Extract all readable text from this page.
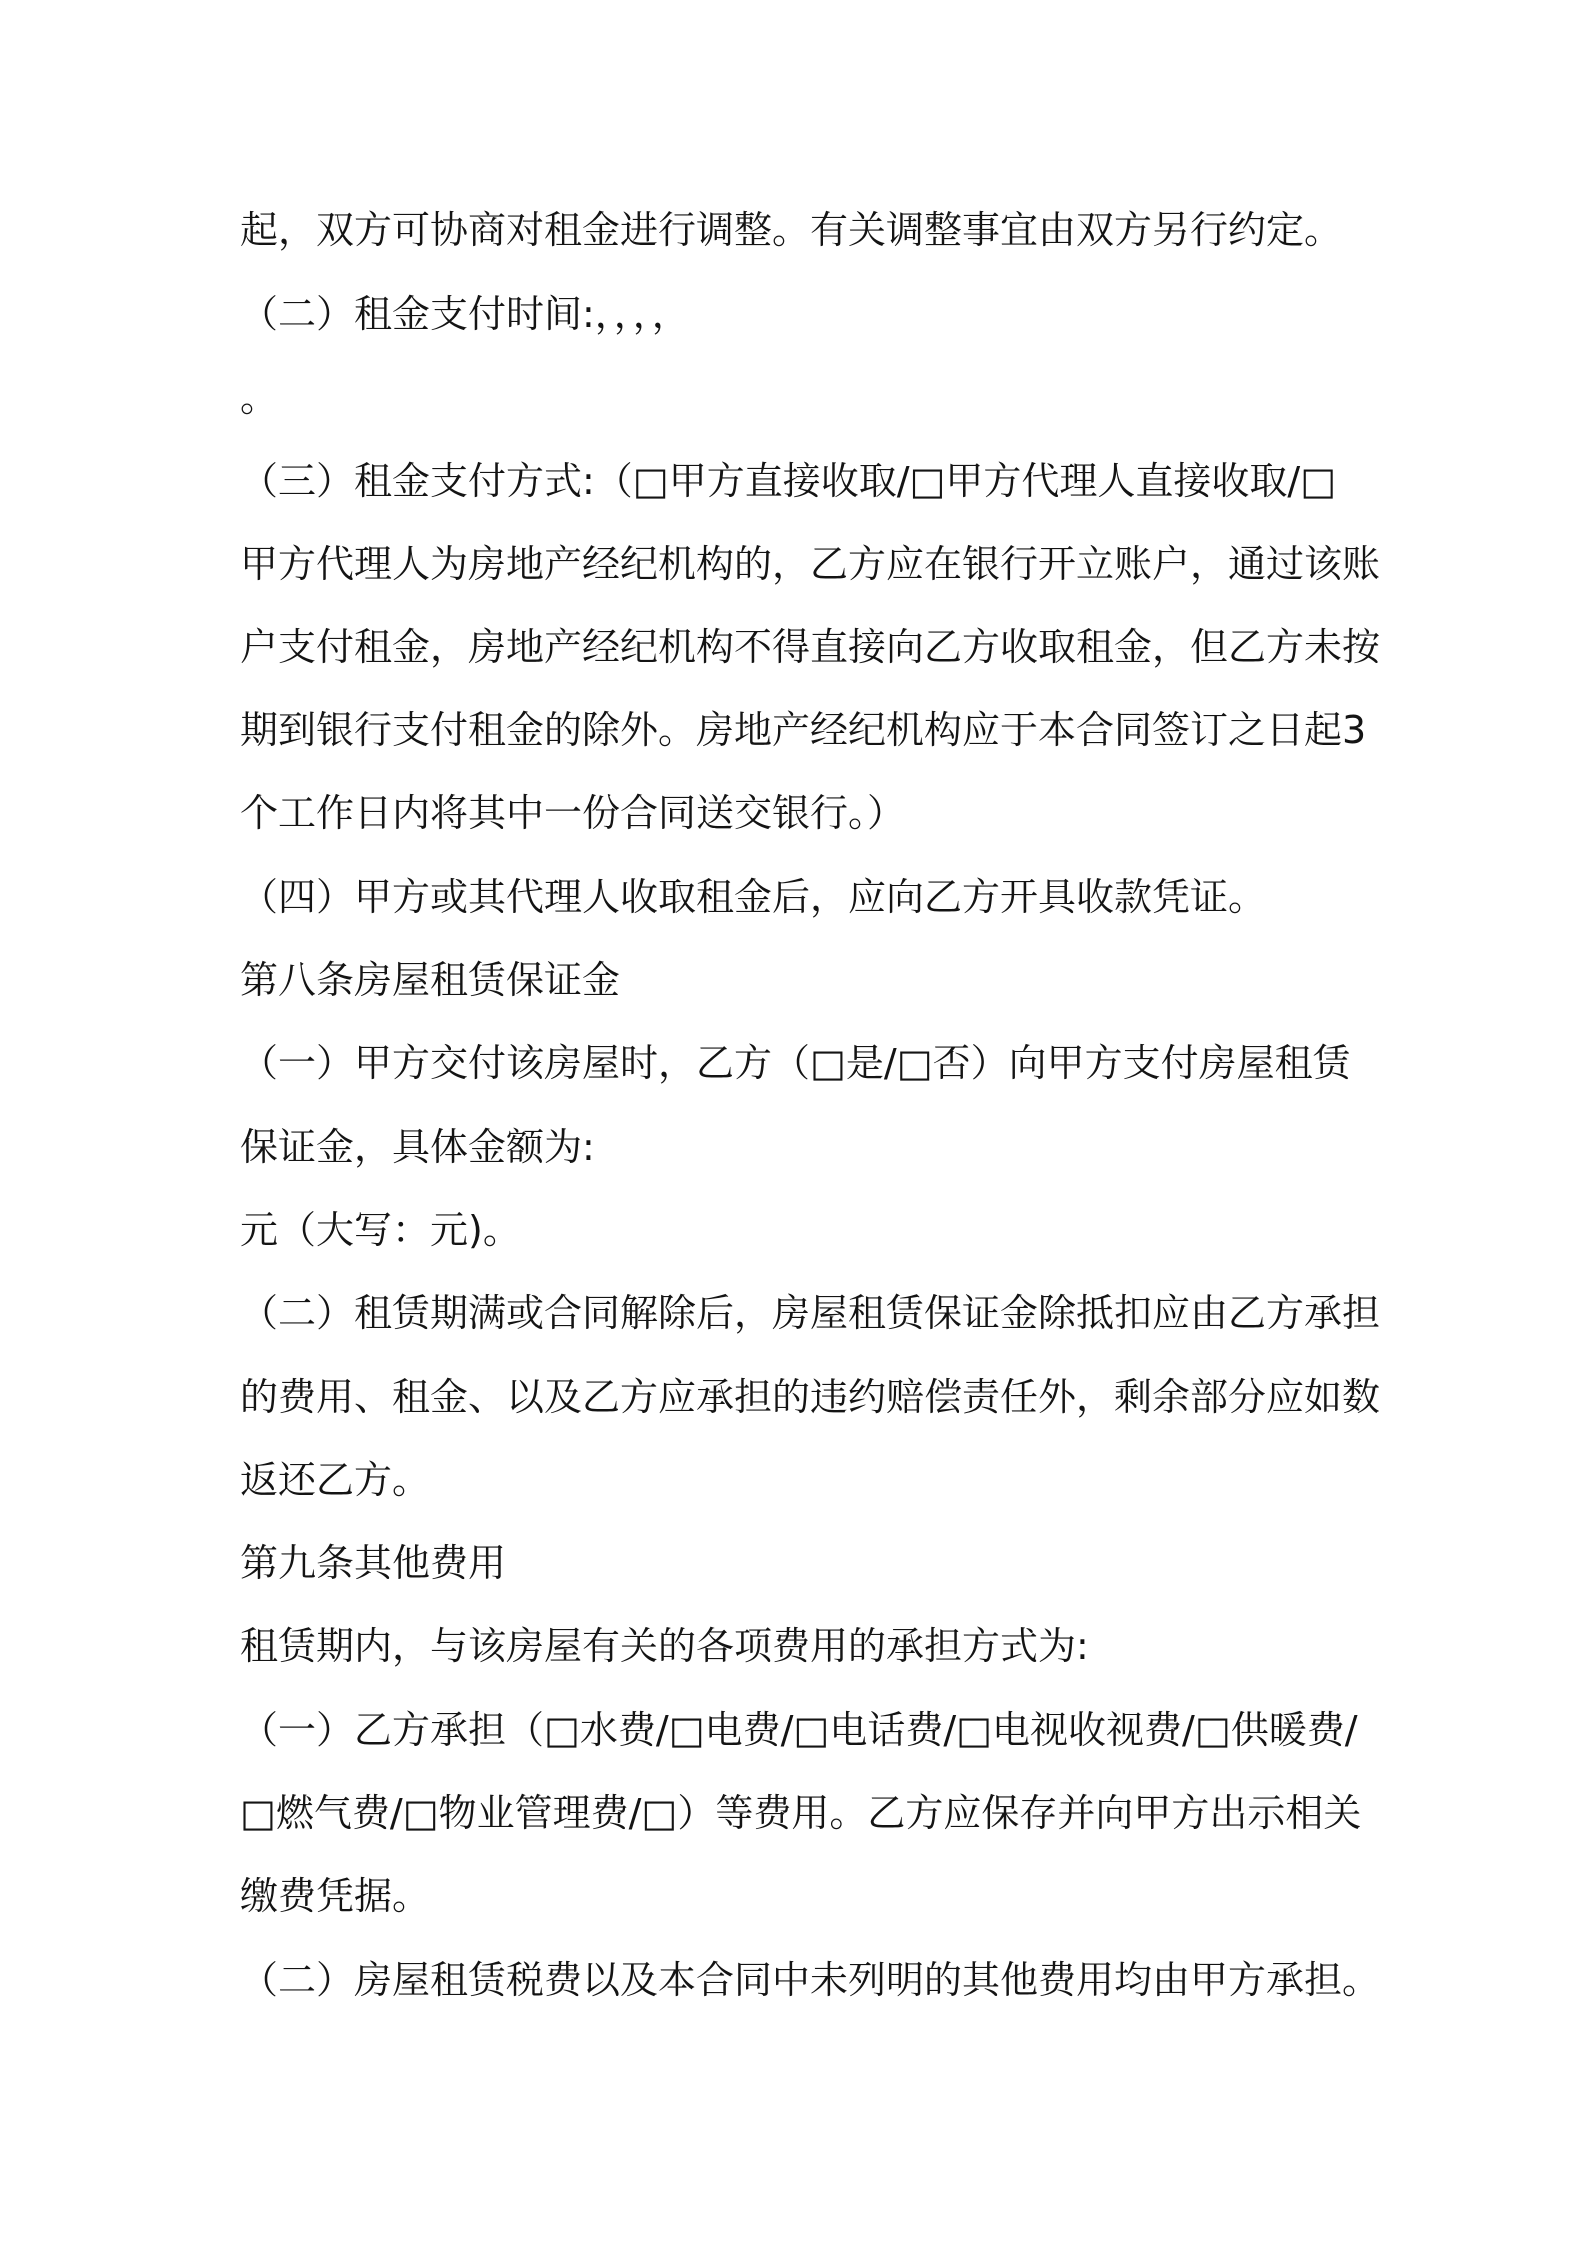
起，双方可协商对租金进行调整。有关调整事宜由双方另行约定。

（二）租金支付时间:，，，，

。

（三）租金支付方式:（□甲方直接收取/□甲方代理人直接收取/□

甲方代理人为房地产经纪机构的，乙方应在银行开立账户，通过该账

户支付租金，房地产经纪机构不得直接向乙方收取租金，但乙方未按

期到银行支付租金的除外。房地产经纪机构应于本合同签订之日起3

个工作日内将其中一份合同送交银行。）

（四）甲方或其代理人收取租金后，应向乙方开具收款凭证。

第八条房屋租赁保证金

（一）甲方交付该房屋时，乙方（□是/□否）向甲方支付房屋租赁

保证金，具体金额为:

元（大写：元)。

（二）租赁期满或合同解除后，房屋租赁保证金除抵扣应由乙方承担

的费用、租金、以及乙方应承担的违约赔偿责任外，剩余部分应如数

返还乙方。

第九条其他费用

租赁期内，与该房屋有关的各项费用的承担方式为:

（一）乙方承担（□水费/□电费/□电话费/□电视收视费/□供暖费/

□燃气费/□物业管理费/□）等费用。乙方应保存并向甲方出示相关

缴费凭据。

（二）房屋租赁税费以及本合同中未列明的其他费用均由甲方承担。
